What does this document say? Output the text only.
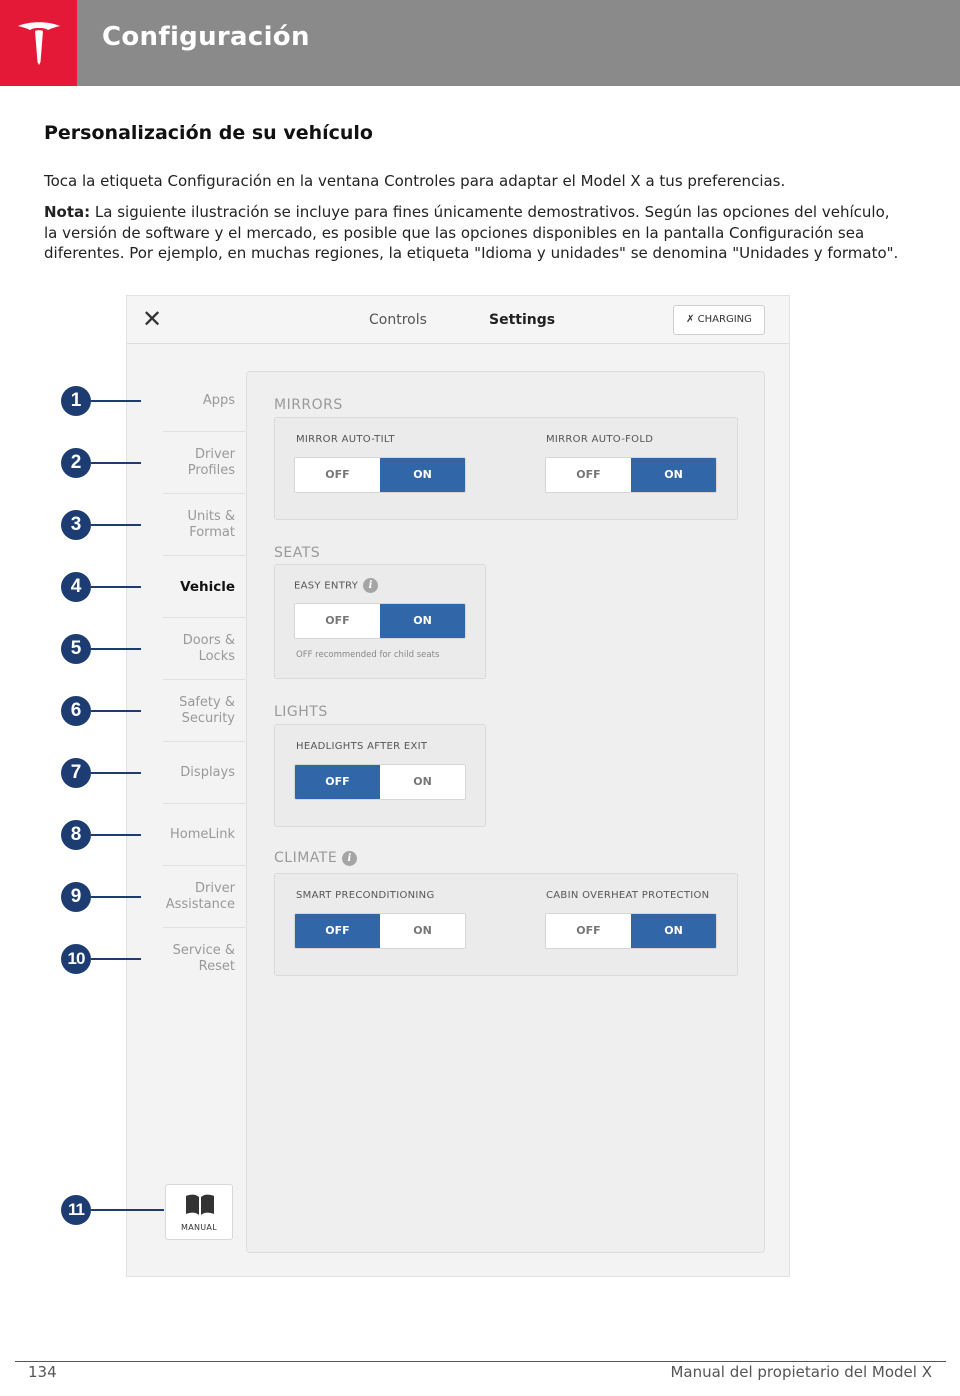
Configuración
Personalización de su vehículo
Toca la etiqueta Configuración en la ventana Controles para adaptar el Model X a tus preferencias.
Nota: La siguiente ilustración se incluye para fines únicamente demostrativos. Según las opciones del vehículo, la versión de software y el mercado, es posible que las opciones disponibles en la pantalla Configuración sea diferentes. Por ejemplo, en muchas regiones, la etiqueta "Idioma y unidades" se denomina "Unidades y formato".
✕	Controls	Settings	✗ CHARGING
Apps
Driver
Profiles
Units &
Format
Vehicle
Doors &
Locks
Safety &
Security
Displays
HomeLink
Driver
Assistance
Service &
Reset
MANUAL
MIRRORS
MIRROR AUTO-TILT
OFF	ON
MIRROR AUTO-FOLD
OFF	ON
SEATS
EASY ENTRY i
OFF	ON
OFF recommended for child seats
LIGHTS
HEADLIGHTS AFTER EXIT
OFF	ON
CLIMATE i
SMART PRECONDITIONING
OFF	ON
CABIN OVERHEAT PROTECTION
OFF	ON
1
2
3
4
5
6
7
8
9
10
11
134	Manual del propietario del Model X
